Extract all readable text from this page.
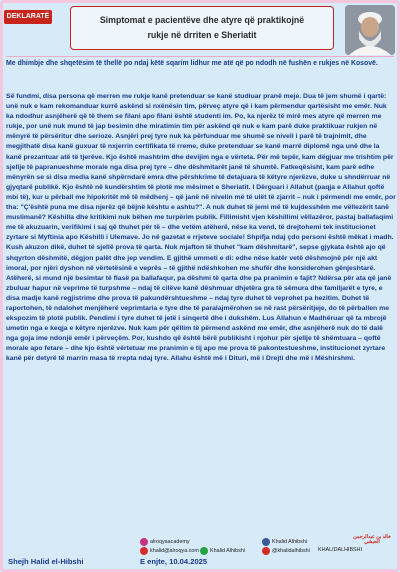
DEKLARATË	Simptomat e pacientëve dhe atyre që praktikojnë
rukje në drriten e Sheriatit
Me dhimbje dhe shqetësim të thellë po ndaj këtë sqarim lidhur me atë që po ndodh në fushën e rukjes në Kosovë.
Së fundmi, disa persona që merren me rukje kanë pretenduar se kanë studiuar pranë meje. Dua të jem shumë i qartë: unë nuk e kam rekomanduar kurrë askënd si nxënësin tim, përveç atyre që i kam përmendur qartësisht me emër. Nuk ka ndodhur asnjëherë që të them se filani apo filani është studenti im. Po, ka njerëz të mirë mes atyre që merren me rukje, por unë nuk mund të jap besimin dhe miratimin tim për askënd që nuk e kam parë duke praktikuar rukjen në mënyrë të përsëritur dhe serioze. Asnjëri prej tyre nuk ka përfunduar me shumë se niveli i parë të trajnimit, dhe megjithatë disa kanë guxuar të nxjerrin certifikata të rreme, duke pretenduar se kanë marrë diplomë nga unë dhe la kanë prezantuar atë të tjerëve. Kjo është mashtrim dhe devijim nga e vërteta. Për më tepër, kam dëgjuar me trishtim për sjellje të papranueshme morale nga disa prej tyre – dhe dëshmitarët janë të shumtë. Fatkeqësisht, kam parë edhe mënyrën se si disa media kanë shpërndarë emra dhe përshkrime të detajuara të këtyre njerëzve, duke u shndërruar në gjyqtarë publikë. Kjo është në kundërshtim të plotë me mësimet e Sheriatit. I Dërguari i Allahut (paqja e Allahut qoftë mbi të), kur u përball me hipokritët më të mëdhenj – që janë në nivelin më të ulët të zjarrit – nuk i përmendi me emër, por tha: "Ç'është puna me disa njerëz që bëjnë kështu e ashtu?". A nuk duhet të jemi më të kujdesshëm me vëllezërit tanë muslimanë? Këshilla dhe kritikimi nuk bëhen me turpërim publik. Fillimisht vjen këshillimi vëllazëror, pastaj ballafaqimi me të akuzuarin, verifikimi i saj që thuhet për të – dhe vetëm atëherë, nëse ka vend, të drejtohemi tek institucionet zyrtare si Myftinia apo Këshilli i Ulemave. Jo në gazetat e rrjeteve sociale! Shpifja ndaj çdo personi është mëkat i madh. Kush akuzon dikë, duhet të sjellë prova të qarta. Nuk mjafton të thuhet "kam dëshmitarë", sepse gjykata është ajo që shqyrton dëshmitë, dëgjon palët dhe jep vendim. E gjithë ummeti e di: edhe nëse katër vetë dëshmojnë për një akt imoral, por njëri dyshon në vërtetësinë e veprës – të gjithë ndëshkohen me shufër dhe konsiderohen gënjeshtarë. Atëherë, si mund një besimtar të flasë pa ballafaqur, pa dëshmi të qarta dhe pa pranimin e fajit? Ndërsa për ata që janë zbuluar hapur në veprime të turpshme – ndaj të cilëve kanë dëshmuar dhjetëra gra të sëmura dhe familjarët e tyre, e disa madje kanë regjistrime dhe prova të pakundërshtueshme – ndaj tyre duhet të veprohet pa hezitim. Duhet të raportohen, të ndalohet menjëherë veprimtaria e tyre dhe të paralajmërohen se në rast përsëritjeje, do të përballen me ekspozim të plotë publik. Pendimi i tyre duhet të jetë i sinqertë dhe i dukshëm. Lus Allahun e Madhëruar që ta mbrojë umetin nga e keqja e këtyre njerëzve. Nuk kam për qëllim të përmend askënd me emër, dhe asnjëherë nuk do të dalë nga goja ime ndonjë emër i përveçëm. Por, kushdo që është bërë publikisht i njohur për sjellje të shëmtuara – qoftë morale apo fetare – dhe kjo është vërtetuar me pranimin e tij apo me prova të pakontestueshme, institucionet zyrtare kanë për detyrë të marrin masa të rrepta ndaj tyre. Allahu është më i Dituri, më i Drejti dhe më i Mëshirshmi.
alroqyaacademy
khalid@alroqya.com Khalid Alhibshi
Khalid Alhibshi
@khalidalhibshi KHALIDALHIBSHI
خالد بن عبدالرحمن الحبشي
Shejh Halid el-Hibshi	E enjte, 10.04.2025
